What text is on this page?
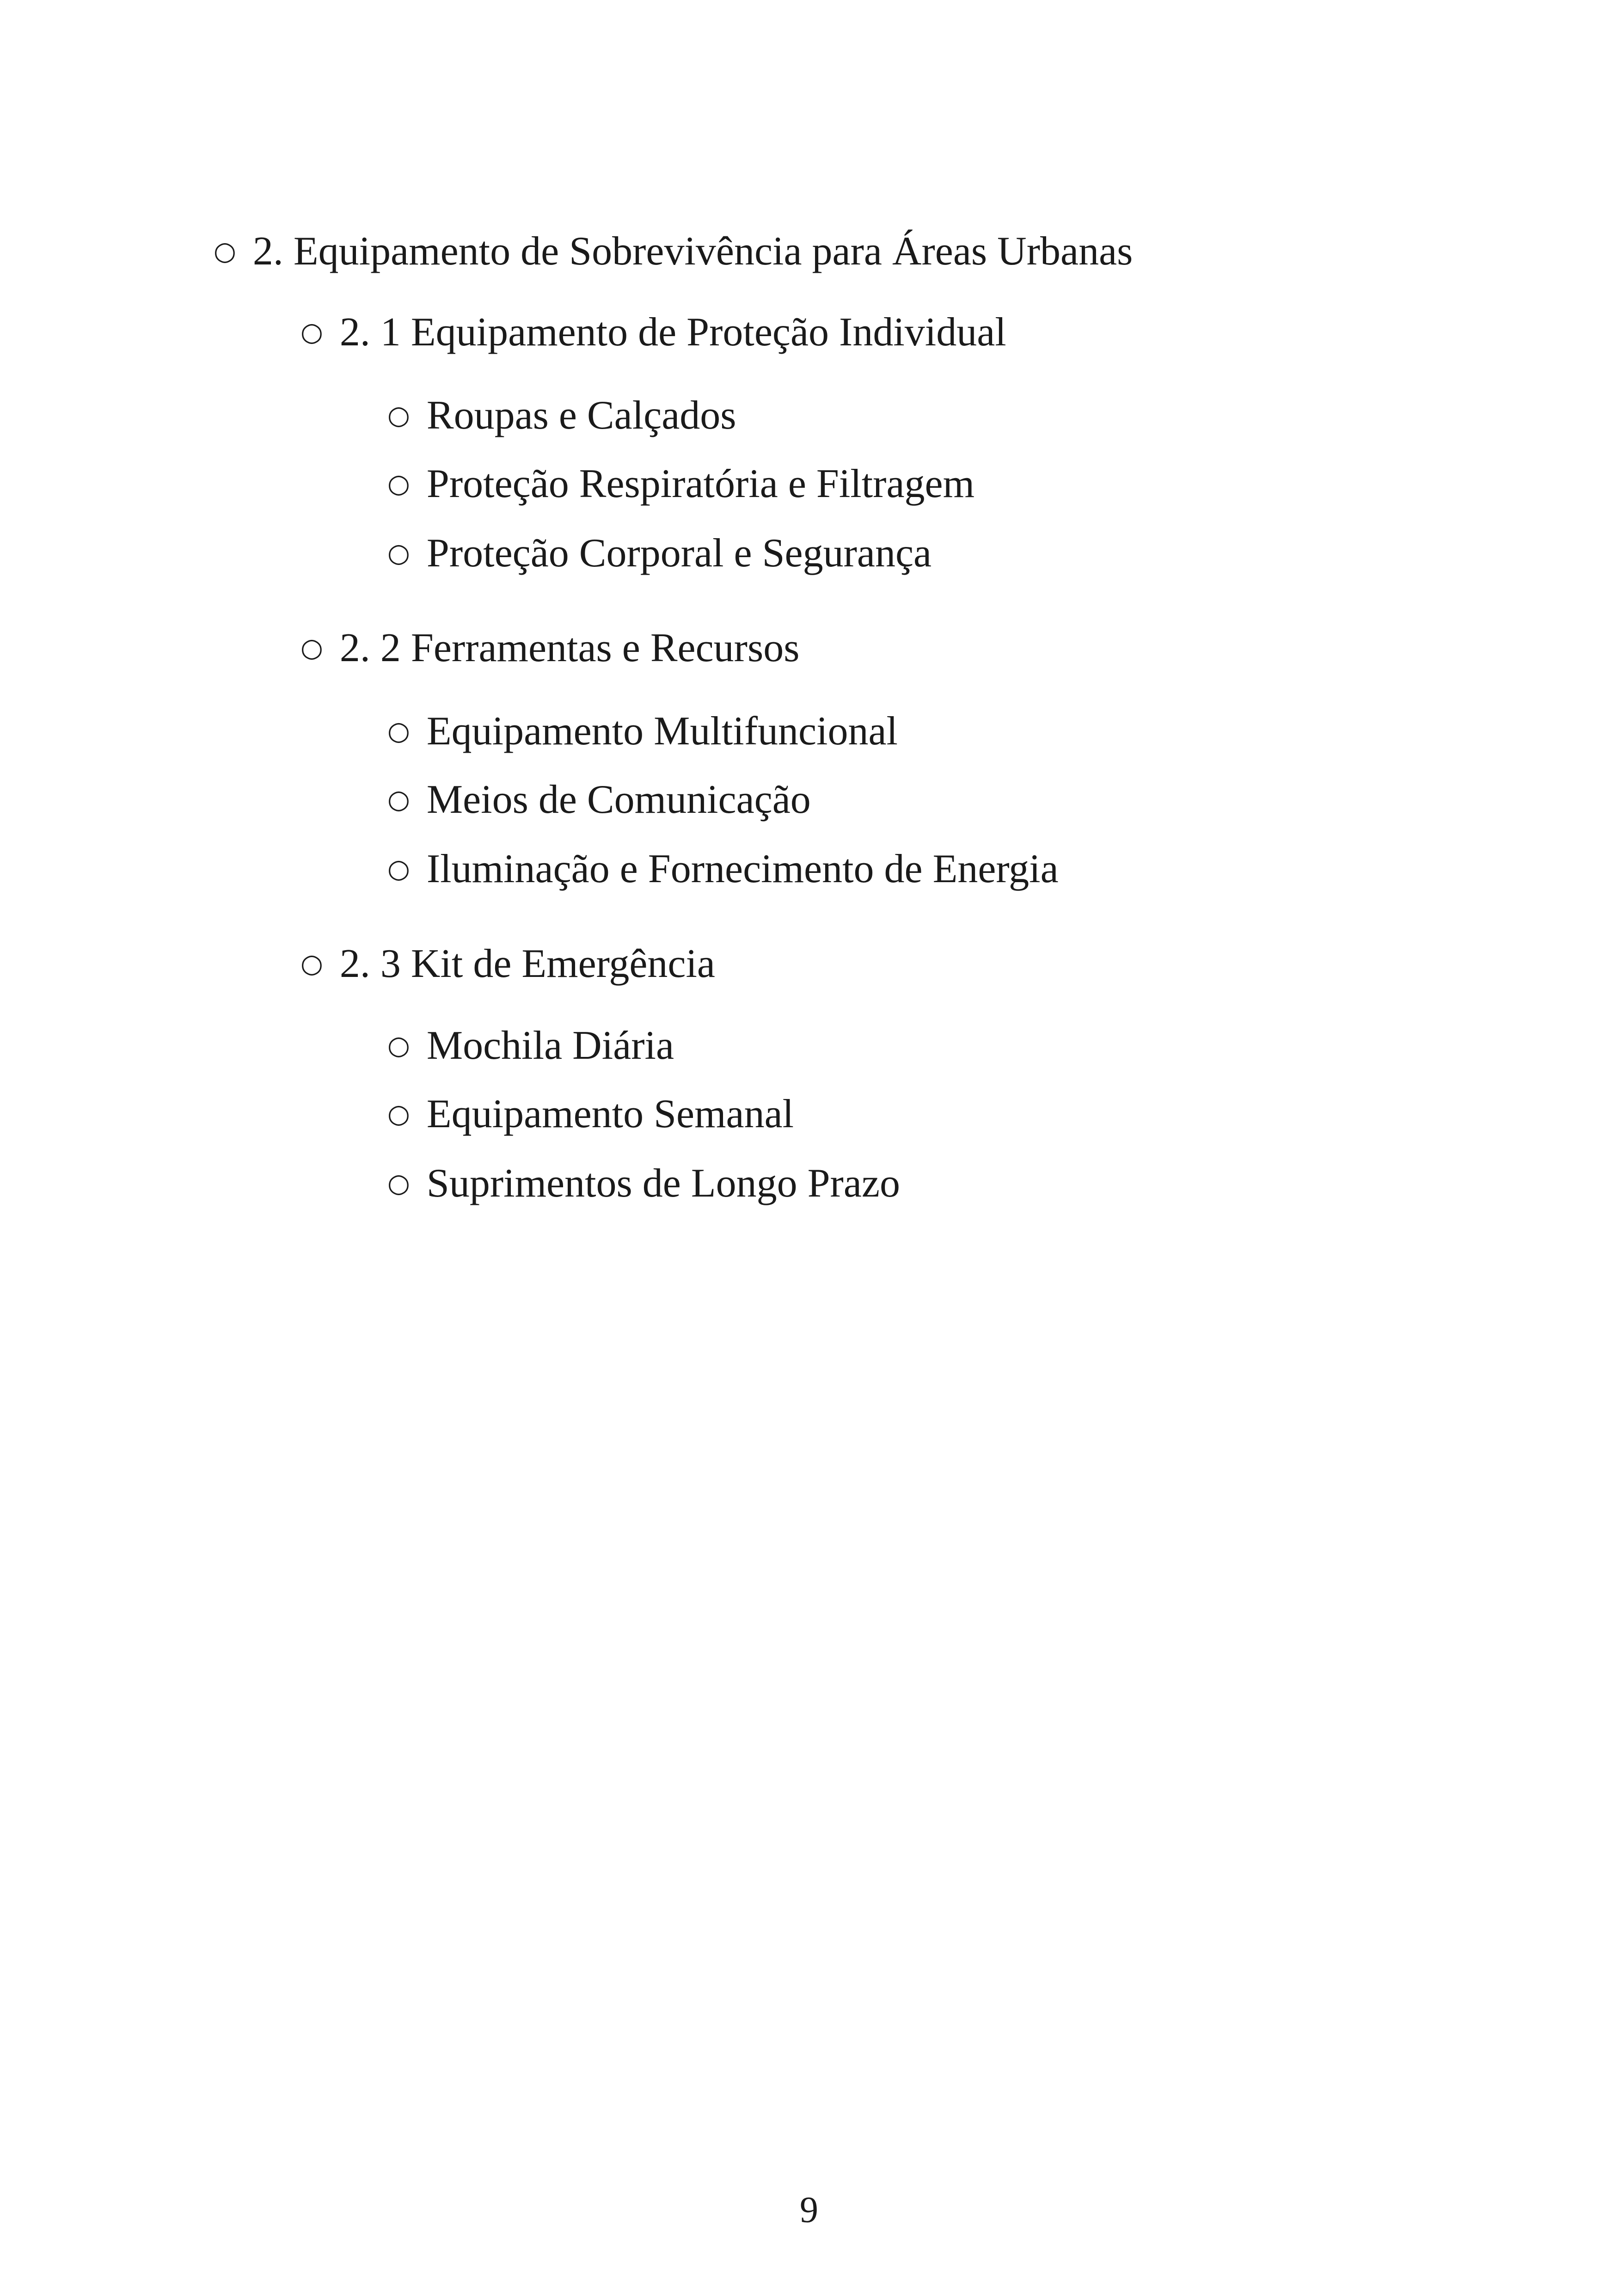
○ 2. Equipamento de Sobrevivência para Áreas Urbanas
○ 2. 1 Equipamento de Proteção Individual
○ Roupas e Calçados
○ Proteção Respiratória e Filtragem
○ Proteção Corporal e Segurança
○ 2. 2 Ferramentas e Recursos
○ Equipamento Multifuncional
○ Meios de Comunicação
○ Iluminação e Fornecimento de Energia
○ 2. 3 Kit de Emergência
○ Mochila Diária
○ Equipamento Semanal
○ Suprimentos de Longo Prazo
9
